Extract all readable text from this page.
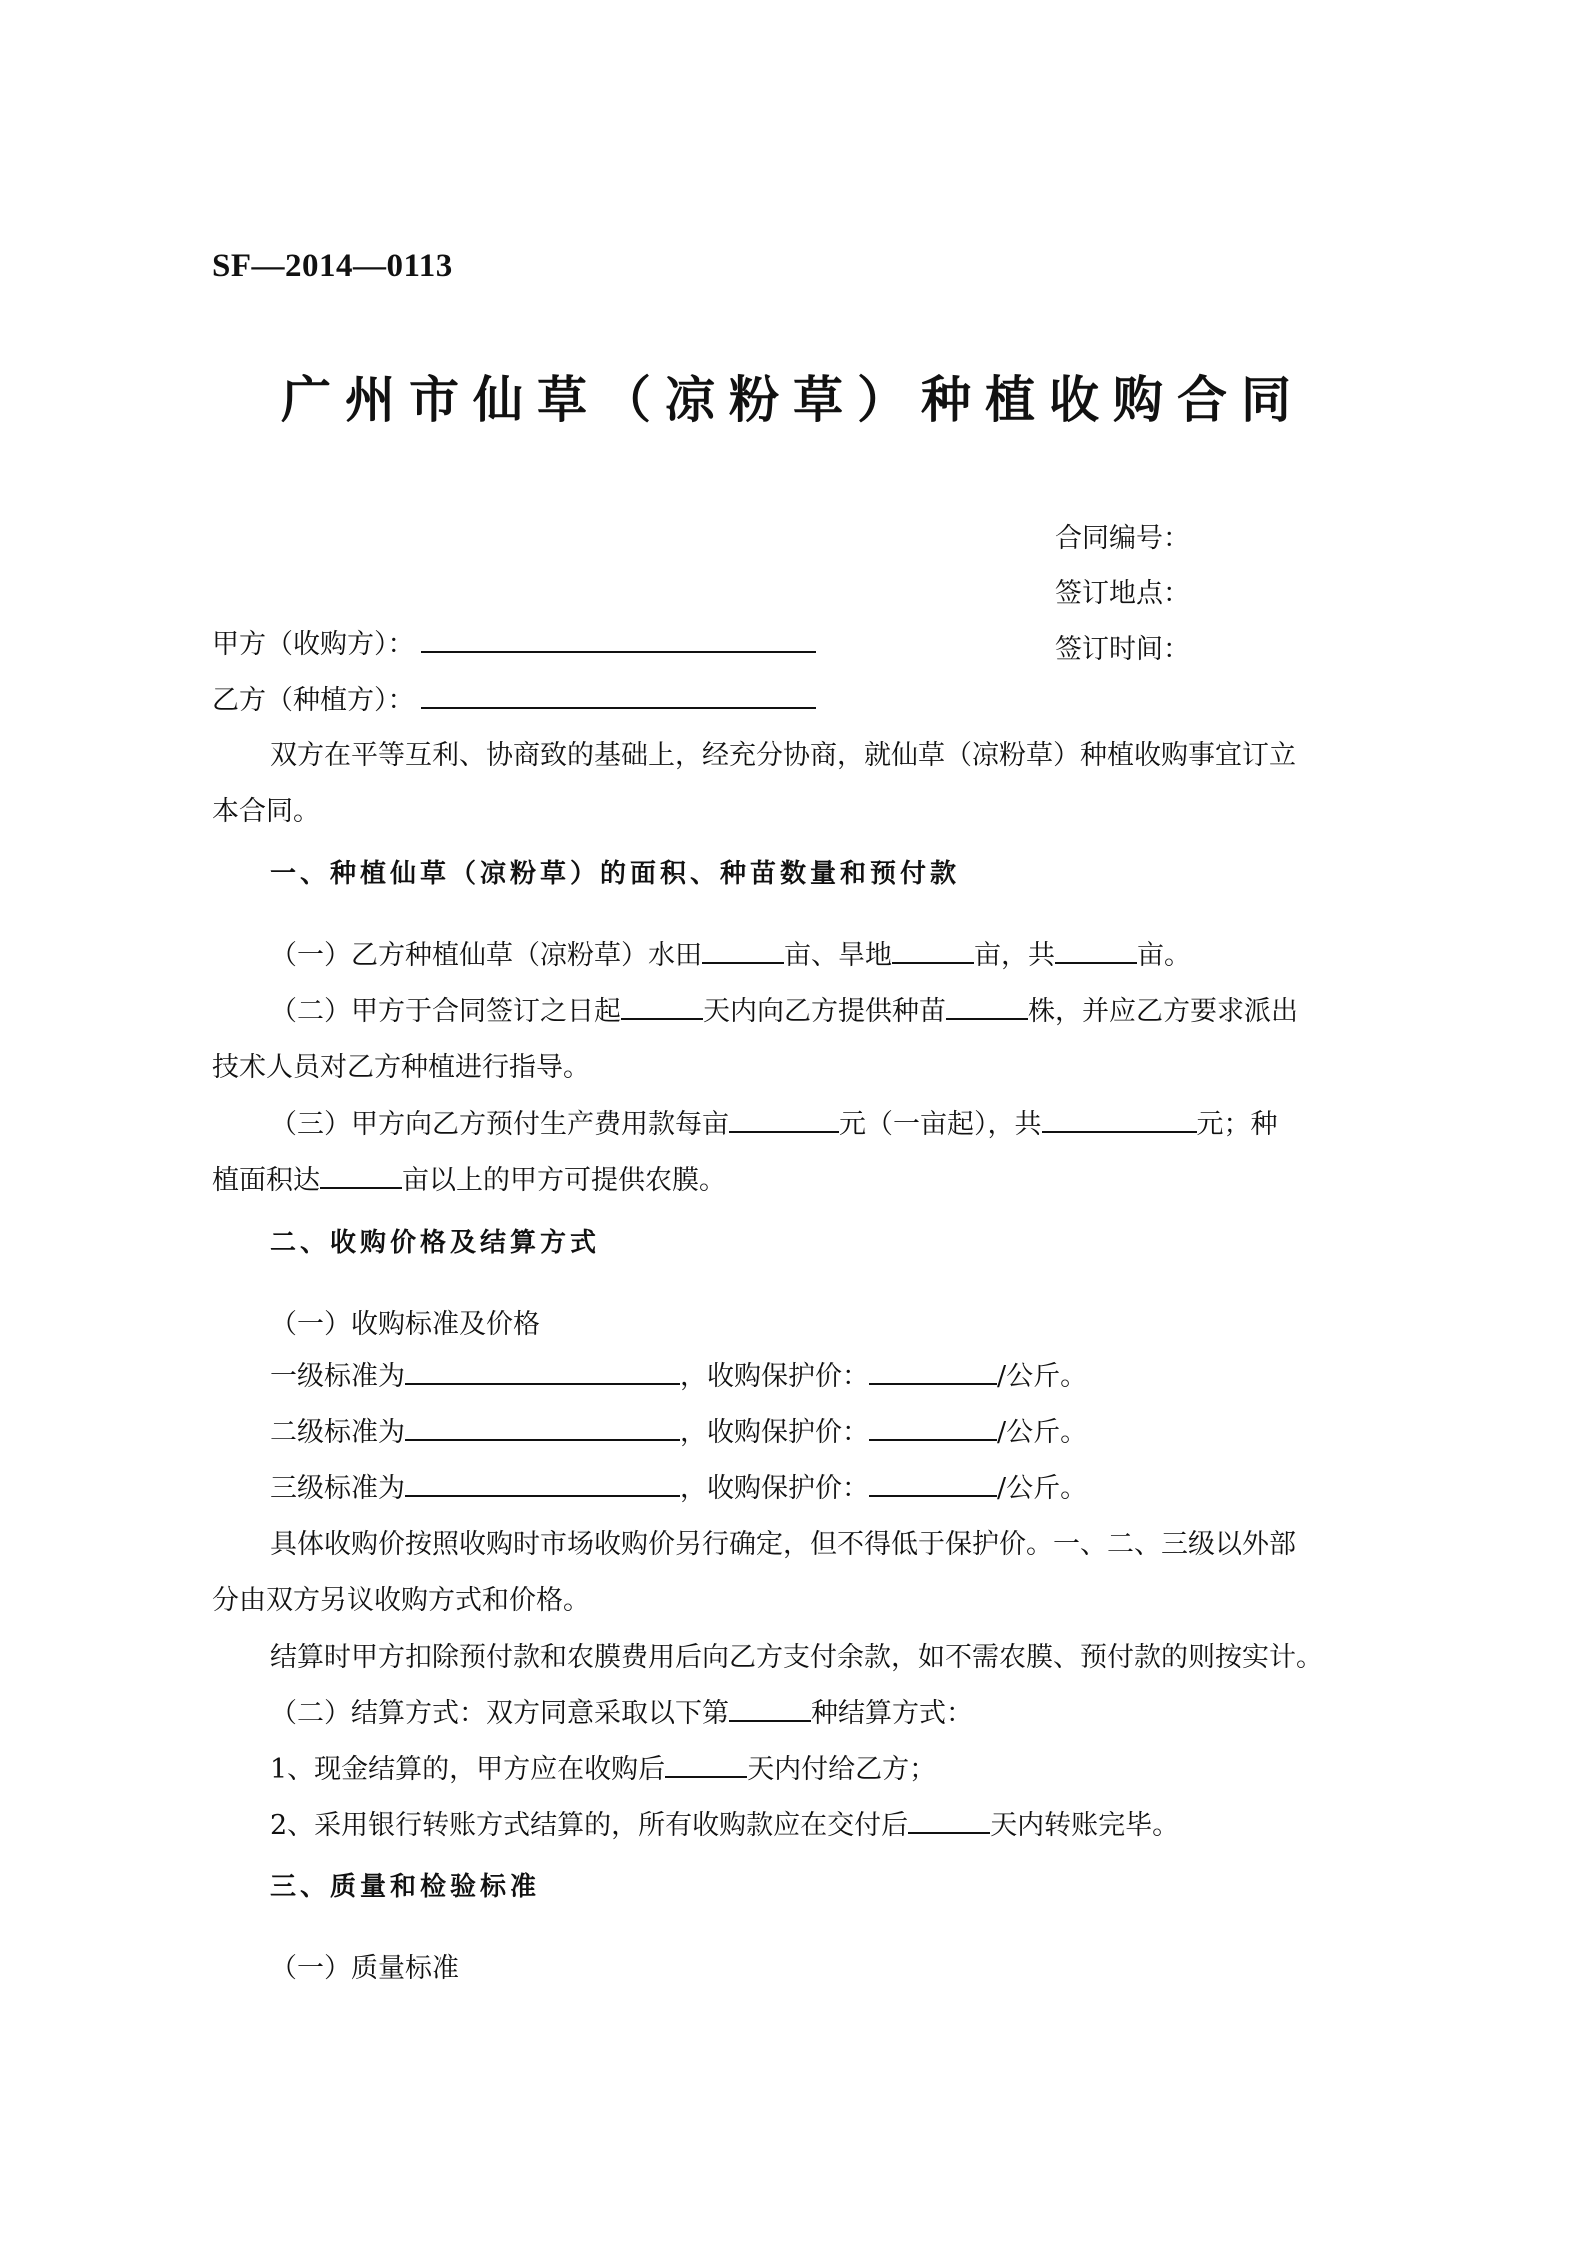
SF—2014—0113
广州市仙草（凉粉草）种植收购合同
合同编号：
签订地点：
签订时间：
甲方（收购方）：
乙方（种植方）：
双方在平等互利、协商致的基础上，经充分协商，就仙草（凉粉草）种植收购事宜订立
本合同。
一、种植仙草（凉粉草）的面积、种苗数量和预付款
（一）乙方种植仙草（凉粉草）水田	亩、旱地	亩，共	亩。
（二）甲方于合同签订之日起	天内向乙方提供种苗	株，并应乙方要求派出
技术人员对乙方种植进行指导。
（三）甲方向乙方预付生产费用款每亩	元（一亩起），共	元；种
植面积达	亩以上的甲方可提供农膜。
二、收购价格及结算方式
（一）收购标准及价格
一级标准为	，收购保护价：	/公斤。
二级标准为	，收购保护价：	/公斤。
三级标准为	，收购保护价：	/公斤。
具体收购价按照收购时市场收购价另行确定，但不得低于保护价。一、二、三级以外部
分由双方另议收购方式和价格。
结算时甲方扣除预付款和农膜费用后向乙方支付余款，如不需农膜、预付款的则按实计。
（二）结算方式：双方同意采取以下第	种结算方式：
1、现金结算的，甲方应在收购后	天内付给乙方；
2、采用银行转账方式结算的，所有收购款应在交付后	天内转账完毕。
三、质量和检验标准
（一）质量标准
